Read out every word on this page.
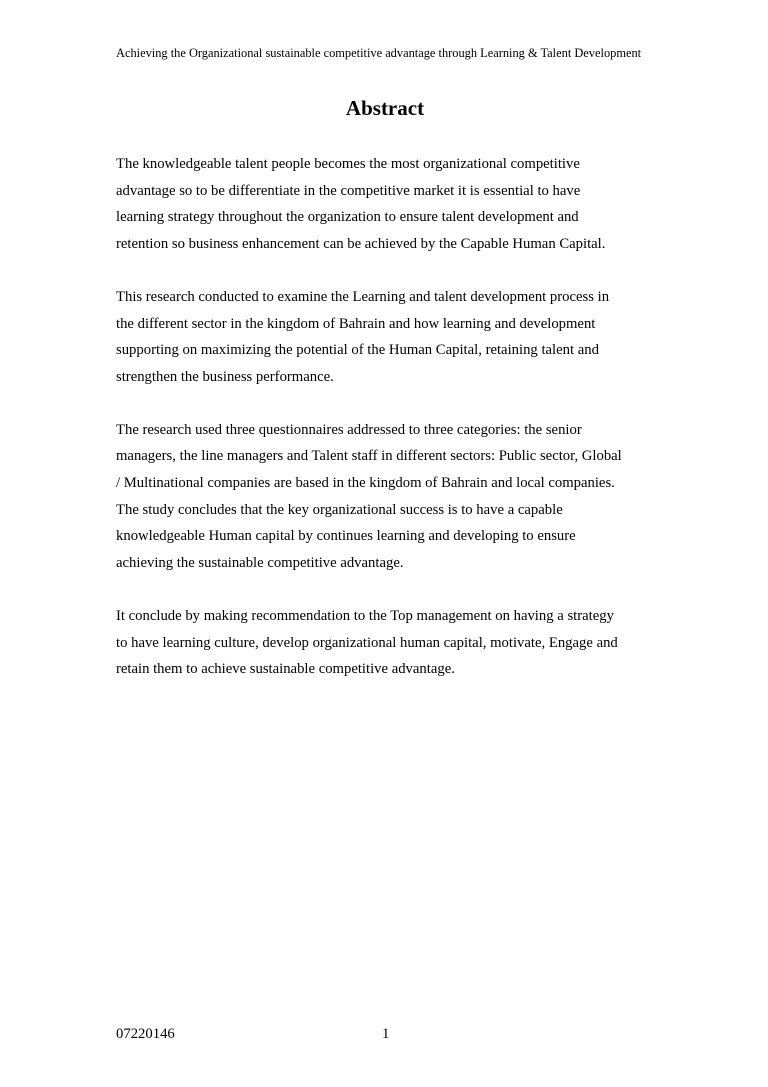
Achieving the Organizational sustainable competitive advantage through Learning & Talent Development
Abstract

The knowledgeable talent people becomes the most organizational competitive
advantage so to be differentiate in the competitive market it is essential to have
learning strategy throughout the organization to ensure talent development and
retention so business enhancement can be achieved by the Capable Human Capital.

This research conducted to examine the Learning and talent development process in
the different sector in the kingdom of Bahrain and how learning and development
supporting on maximizing the potential of the Human Capital, retaining talent and
strengthen the business performance.

The research used three questionnaires addressed to three categories: the senior
managers, the line managers and Talent staff in different sectors: Public sector, Global
/ Multinational companies are based in the kingdom of Bahrain and local companies.
The study concludes that the key organizational success is to have a capable
knowledgeable Human capital by continues learning and developing to ensure
achieving the sustainable competitive advantage.

It conclude by making recommendation to the Top management on having a strategy
to have learning culture, develop organizational human capital, motivate, Engage and
retain them to achieve sustainable competitive advantage.

07220146	1
